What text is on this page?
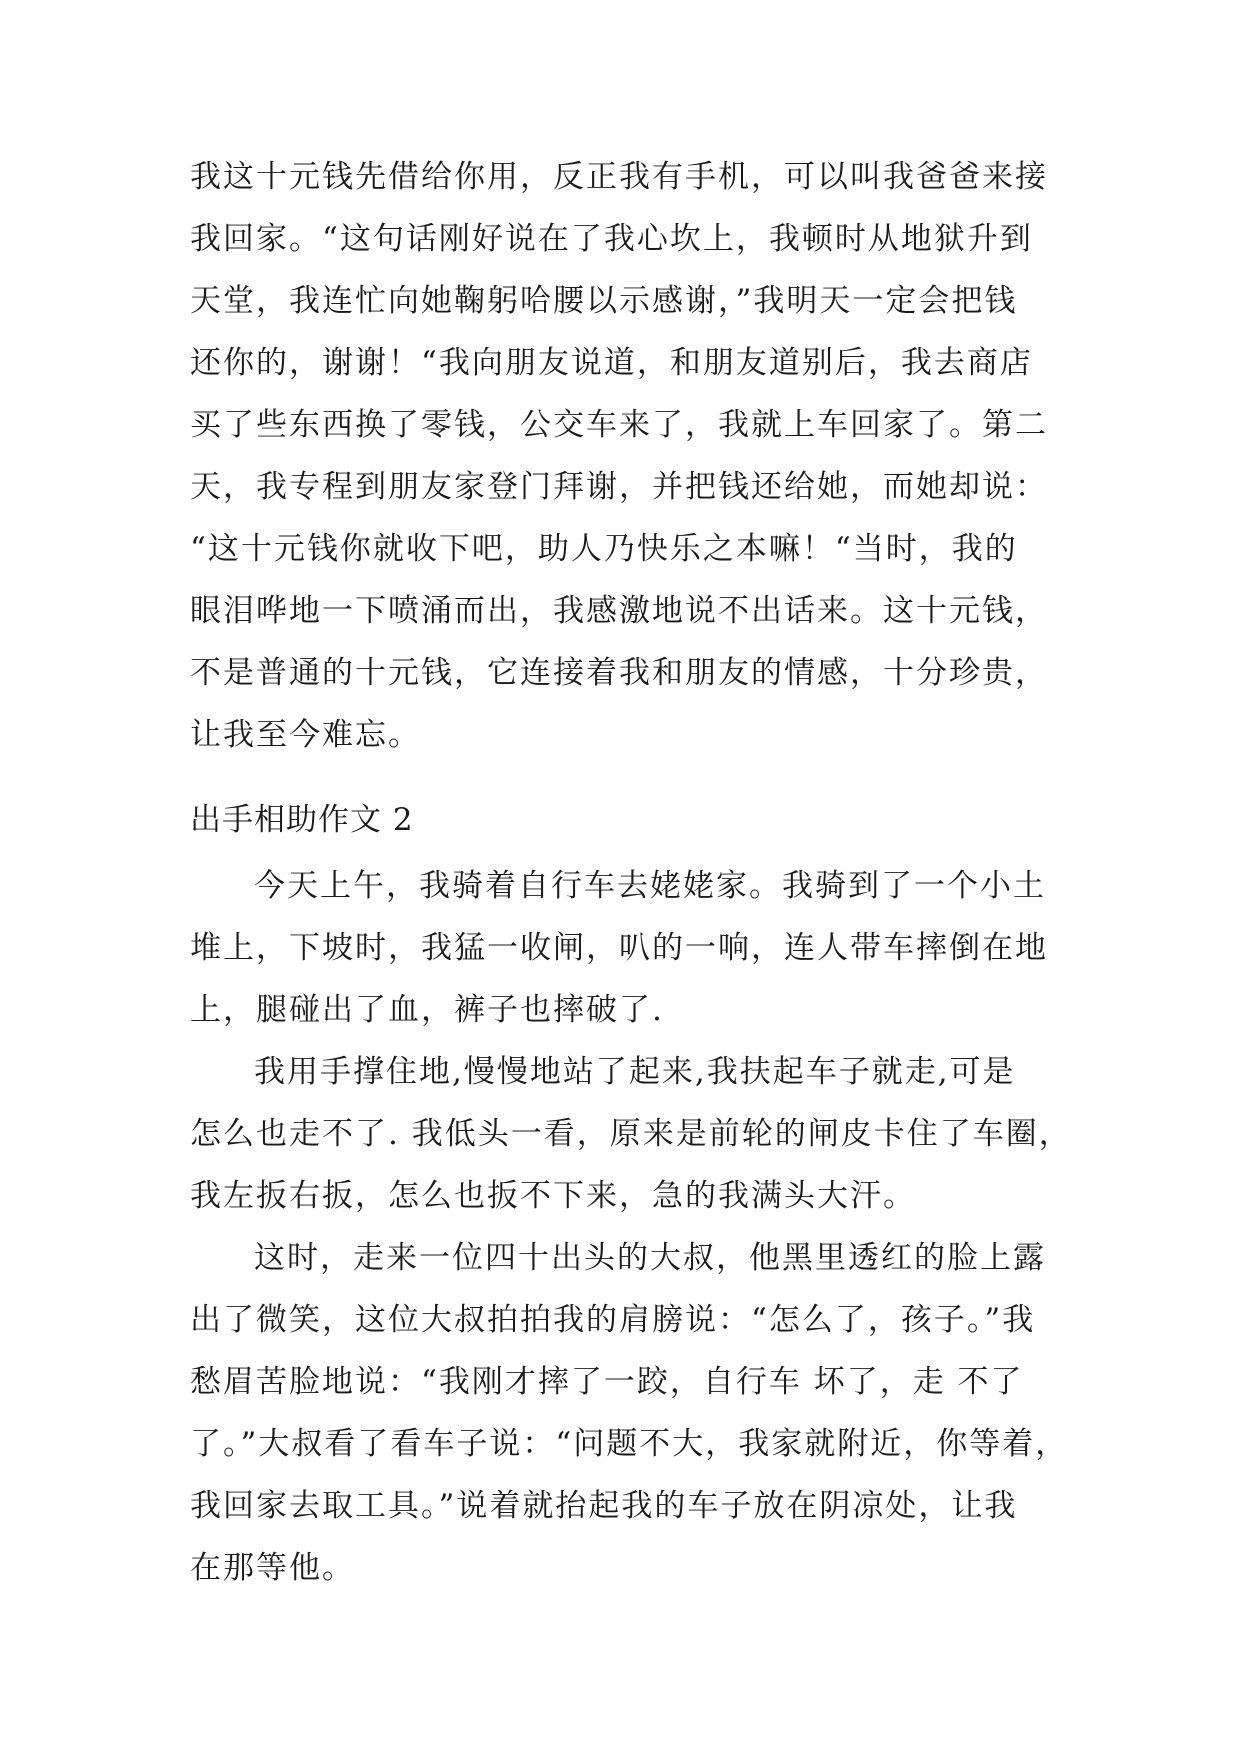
我这十元钱先借给你用，反正我有手机，可以叫我爸爸来接
我回家。“这句话刚好说在了我心坎上，我顿时从地狱升到
天堂，我连忙向她鞠躬哈腰以示感谢，”我明天一定会把钱
还你的，谢谢！“我向朋友说道，和朋友道别后，我去商店
买了些东西换了零钱，公交车来了，我就上车回家了。第二
天，我专程到朋友家登门拜谢，并把钱还给她，而她却说：
“这十元钱你就收下吧，助人乃快乐之本嘛！“当时，我的
眼泪哗地一下喷涌而出，我感激地说不出话来。这十元钱，
不是普通的十元钱，它连接着我和朋友的情感，十分珍贵，
让我至今难忘。
出手相助作文 2
今天上午，我骑着自行车去姥姥家。我骑到了一个小土
堆上，下坡时，我猛一收闸，叭的一响，连人带车摔倒在地
上，腿碰出了血，裤子也摔破了.
我用手撑住地,慢慢地站了起来,我扶起车子就走,可是
怎么也走不了. 我低头一看，原来是前轮的闸皮卡住了车圈，
我左扳右扳，怎么也扳不下来，急的我满头大汗。
这时，走来一位四十出头的大叔，他黑里透红的脸上露
出了微笑，这位大叔拍拍我的肩膀说：“怎么了，孩子。”我
愁眉苦脸地说：“我刚才摔了一跤，自行车 坏了，走 不了
了。”大叔看了看车子说：“问题不大，我家就附近，你等着，
我回家去取工具。”说着就抬起我的车子放在阴凉处，让我
在那等他。
